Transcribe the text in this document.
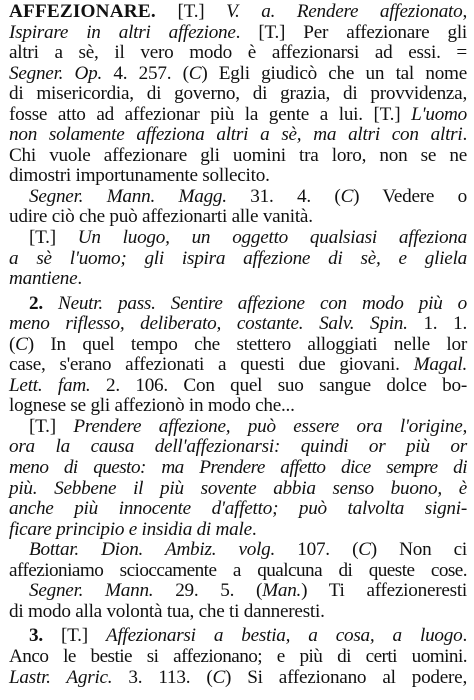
AFFEZIONARE. [T.] V. a. Rendere affezionato,
Ispirare in altri affezione. [T.] Per affezionare gli
altri a sè, il vero modo è affezionarsi ad essi. =
Segner. Op. 4. 257. (C) Egli giudicò che un tal nome
di misericordia, di governo, di grazia, di provvidenza,
fosse atto ad affezionar più la gente a lui. [T.] L'uomo
non solamente affeziona altri a sè, ma altri con altri.
Chi vuole affezionare gli uomini tra loro, non se ne
dimostri importunamente sollecito.
Segner. Mann. Magg. 31. 4. (C) Vedere o
udire ciò che può affezionarti alle vanità.
[T.] Un luogo, un oggetto qualsiasi affeziona
a sè l'uomo; gli ispira affezione di sè, e gliela
mantiene.
2. Neutr. pass. Sentire affezione con modo più o
meno riflesso, deliberato, costante. Salv. Spin. 1. 1.
(C) In quel tempo che stettero alloggiati nelle lor
case, s'erano affezionati a questi due giovani. Magal.
Lett. fam. 2. 106. Con quel suo sangue dolce bo-
lognese se gli affezionò in modo che...
[T.] Prendere affezione, può essere ora l'origine,
ora la causa dell'affezionarsi: quindi or più or
meno di questo: ma Prendere affetto dice sempre di
più. Sebbene il più sovente abbia senso buono, è
anche più innocente d'affetto; può talvolta signi-
ficare principio e insidia di male.
Bottar. Dion. Ambiz. volg. 107. (C) Non ci
affezioniamo scioccamente a qualcuna di queste cose.
Segner. Mann. 29. 5. (Man.) Ti affezioneresti
di modo alla volontà tua, che ti danneresti.
3. [T.] Affezionarsi a bestia, a cosa, a luogo.
Anco le bestie si affezionano; e più di certi uomini.
Lastr. Agric. 3. 113. (C) Si affezionano al podere,
